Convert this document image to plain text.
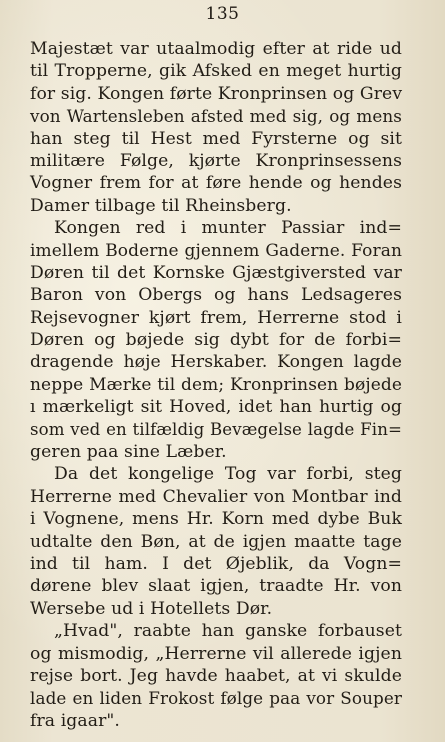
135
Majestæt var utaalmodig efter at ride ud
til Tropperne, gik Afsked en meget hurtig
for sig. Kongen førte Kronprinsen og Grev
von Wartensleben afsted med sig, og mens
han steg til Hest med Fyrsterne og sit
militære Følge, kjørte Kronprinsessens
Vogner frem for at føre hende og hendes
Damer tilbage til Rheinsberg.
Kongen red i munter Passiar ind=
imellem Boderne gjennem Gaderne. Foran
Døren til det Kornske Gjæstgiversted var
Baron von Obergs og hans Ledsageres
Rejsevogner kjørt frem, Herrerne stod i
Døren og bøjede sig dybt for de forbi=
dragende høje Herskaber. Kongen lagde
neppe Mærke til dem; Kronprinsen bøjede
ı mærkeligt sit Hoved, idet han hurtig og
som ved en tilfældig Bevægelse lagde Fin=
geren paa sine Læber.
Da det kongelige Tog var forbi, steg
Herrerne med Chevalier von Montbar ind
i Vognene, mens Hr. Korn med dybe Buk
udtalte den Bøn, at de igjen maatte tage
ind til ham. I det Øjeblik, da Vogn=
dørene blev slaat igjen, traadte Hr. von
Wersebe ud i Hotellets Dør.
„Hvad", raabte han ganske forbauset
og mismodig, „Herrerne vil allerede igjen
rejse bort. Jeg havde haabet, at vi skulde
lade en liden Frokost følge paa vor Souper
fra igaar".
